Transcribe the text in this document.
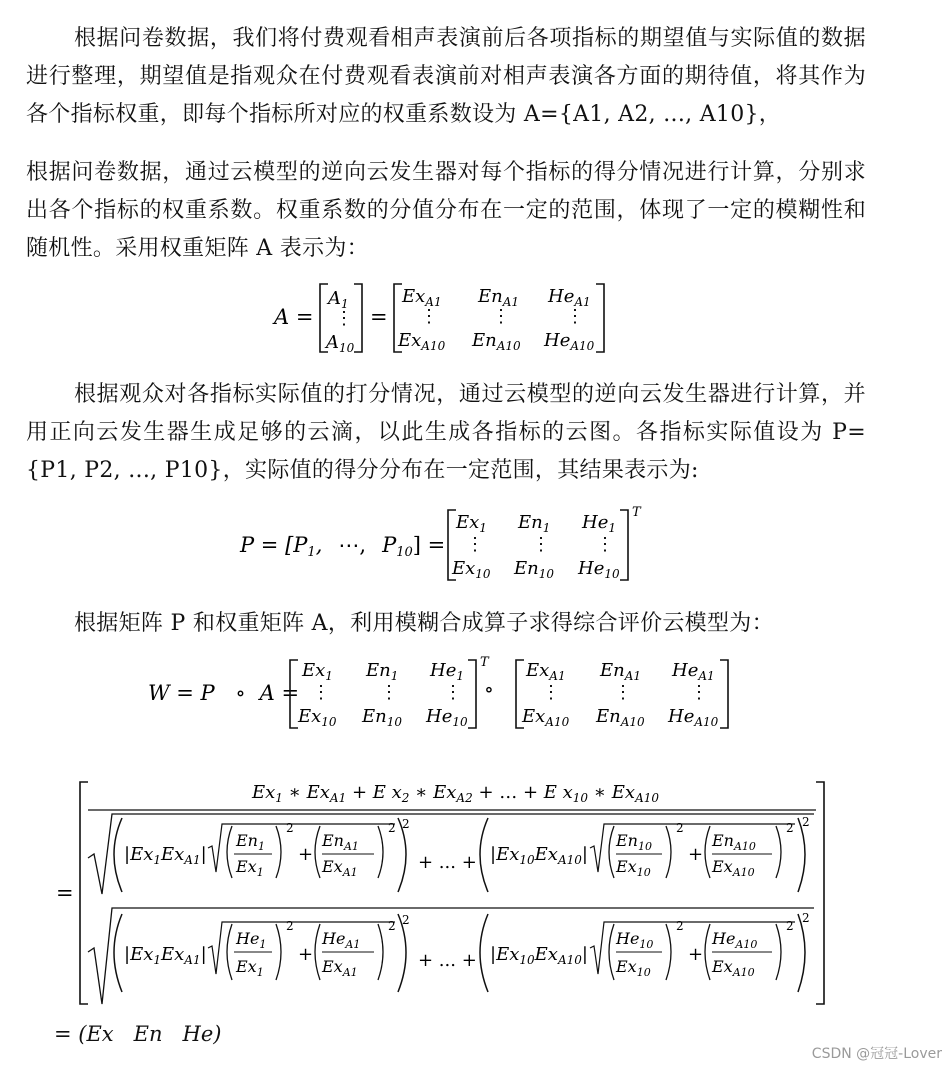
根据问卷数据，我们将付费观看相声表演前后各项指标的期望值与实际值的数据进行整理，期望值是指观众在付费观看表演前对相声表演各方面的期待值，将其作为各个指标权重，即每个指标所对应的权重系数设为 A={A1, A2, ..., A10}，

根据问卷数据，通过云模型的逆向云发生器对每个指标的得分情况进行计算，分别求出各个指标的权重系数。权重系数的分值分布在一定的范围，体现了一定的模糊性和随机性。采用权重矩阵 A 表示为：

A =
$A_1$
⋮
$A_{10}$
=
$Ex_{A1}$ $En_{A1}$ $He_{A1}$
⋮	⋮	⋮
$Ex_{A10}$ $En_{A10}$ $He_{A10}$

根据观众对各指标实际值的打分情况，通过云模型的逆向云发生器进行计算，并用正向云发生器生成足够的云滴，以此生成各指标的云图。各指标实际值设为 P={P1, P2, ..., P10}，实际值的得分分布在一定范围，其结果表示为:

P = [P1, ⋯, P10] =
T
$Ex_1$ $En_1$ $He_1$
⋮	⋮	⋮
$Ex_{10}$ $En_{10}$ $He_{10}$

根据矩阵 P 和权重矩阵 A，利用模糊合成算子求得综合评价云模型为：

W = P ∘ A =
T
$Ex_1$ $En_1$ $He_1$
⋮	⋮	⋮
$Ex_{10}$ $En_{10}$ $He_{10}$
∘
$Ex_{A1}$ $En_{A1}$ $He_{A1}$
⋮	⋮	⋮
$Ex_{A10}$ $En_{A10}$ $He_{A10}$
=
$Ex_1$ ∗ $Ex_{A1} + E$ $x_2$ ∗ $Ex_{A2}$ + … + E $x_{10}$ ∗ $Ex_{A10}$
$|Ex_1Ex_{A1}|$
$En_1$
$Ex_1$
2
+
$En_{A1}$
$Ex_{A1}$
2 2
+ ... + $|Ex_{10}Ex_{A10}|$
$En_{10}$
$Ex_{10}$
2
+
$En_{A10}$
$Ex_{A10}$
2 2
$|Ex_1Ex_{A1}|$
$He_1$
$Ex_1$
2
+
$He_{A1}$
$Ex_{A1}$
2 2
+ ... + $|Ex_{10}Ex_{A10}|$
$He_{10}$
$Ex_{10}$
2
+
$He_{A10}$
$Ex_{A10}$
2
2
= (Ex   En   He)
CSDN @冠冠-Lover
